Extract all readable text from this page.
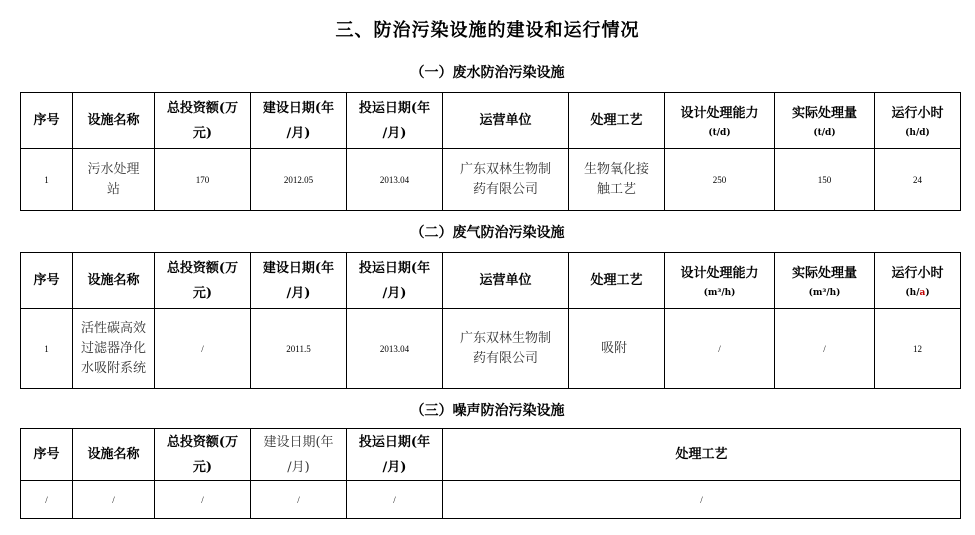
三、防治污染设施的建设和运行情况
（一）废水防治污染设施
序号	设施名称	总投资额(万
元)	建设日期(年
/月)	投运日期(年
/月)	运营单位	处理工艺	设计处理能力
(t/d)	实际处理量
(t/d)	运行小时
(h/d)

1	污水处理站	170	2012.05	2013.04	广东双林生物制药有限公司	生物氧化接触工艺	250	150	24
（二）废气防治污染设施
序号	设施名称	总投资额(万
元)	建设日期(年
/月)	投运日期(年
/月)	运营单位	处理工艺	设计处理能力
(m³/h)	实际处理量
(m³/h)	运行小时
(h/a)

1	活性碳高效过滤器净化水吸附系统	/	2011.5	2013.04	广东双林生物制药有限公司	吸附	/	/	12
（三）噪声防治污染设施
序号	设施名称	总投资额(万
元)	建设日期(年
/月)	投运日期(年
/月)	处理工艺
/	/	/	/	/	/
